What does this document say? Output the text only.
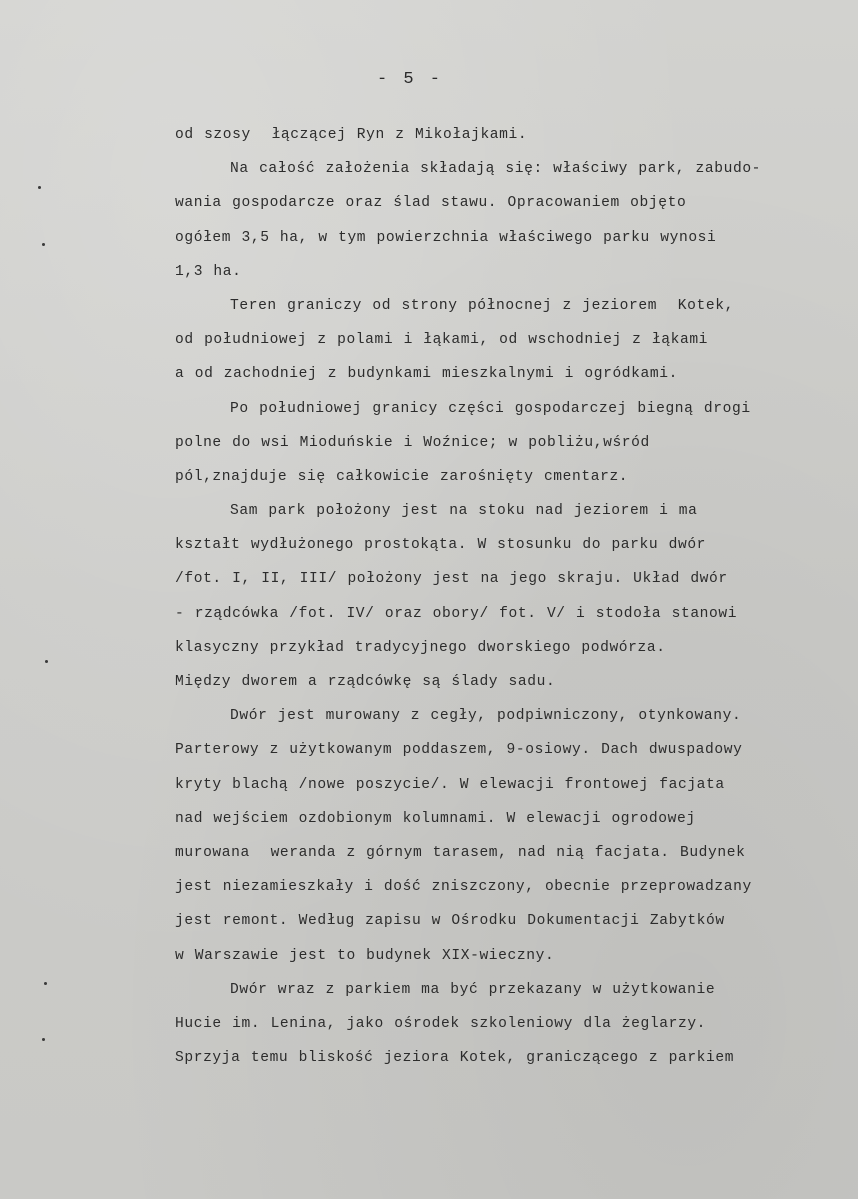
- 5 -
od szosy  łączącej Ryn z Mikołajkami.
Na całość założenia składają się: właściwy park, zabudo-
wania gospodarcze oraz ślad stawu. Opracowaniem objęto
ogółem 3,5 ha, w tym powierzchnia właściwego parku wynosi
1,3 ha.
Teren graniczy od strony północnej z jeziorem  Kotek,
od południowej z polami i łąkami, od wschodniej z łąkami
a od zachodniej z budynkami mieszkalnymi i ogródkami.
Po południowej granicy części gospodarczej biegną drogi
polne do wsi Mioduńskie i Woźnice; w pobliżu,wśród
pól,znajduje się całkowicie zarośnięty cmentarz.
Sam park położony jest na stoku nad jeziorem i ma
kształt wydłużonego prostokąta. W stosunku do parku dwór
/fot. I, II, III/ położony jest na jego skraju. Układ dwór
- rządcówka /fot. IV/ oraz obory/ fot. V/ i stodoła stanowi
klasyczny przykład tradycyjnego dworskiego podwórza.
Między dworem a rządcówkę są ślady sadu.
Dwór jest murowany z cegły, podpiwniczony, otynkowany.
Parterowy z użytkowanym poddaszem, 9-osiowy. Dach dwuspadowy
kryty blachą /nowe poszycie/. W elewacji frontowej facjata
nad wejściem ozdobionym kolumnami. W elewacji ogrodowej
murowana  weranda z górnym tarasem, nad nią facjata. Budynek
jest niezamieszkały i dość zniszczony, obecnie przeprowadzany
jest remont. Według zapisu w Ośrodku Dokumentacji Zabytków
w Warszawie jest to budynek XIX-wieczny.
Dwór wraz z parkiem ma być przekazany w użytkowanie
Hucie im. Lenina, jako ośrodek szkoleniowy dla żeglarzy.
Sprzyja temu bliskość jeziora Kotek, graniczącego z parkiem
